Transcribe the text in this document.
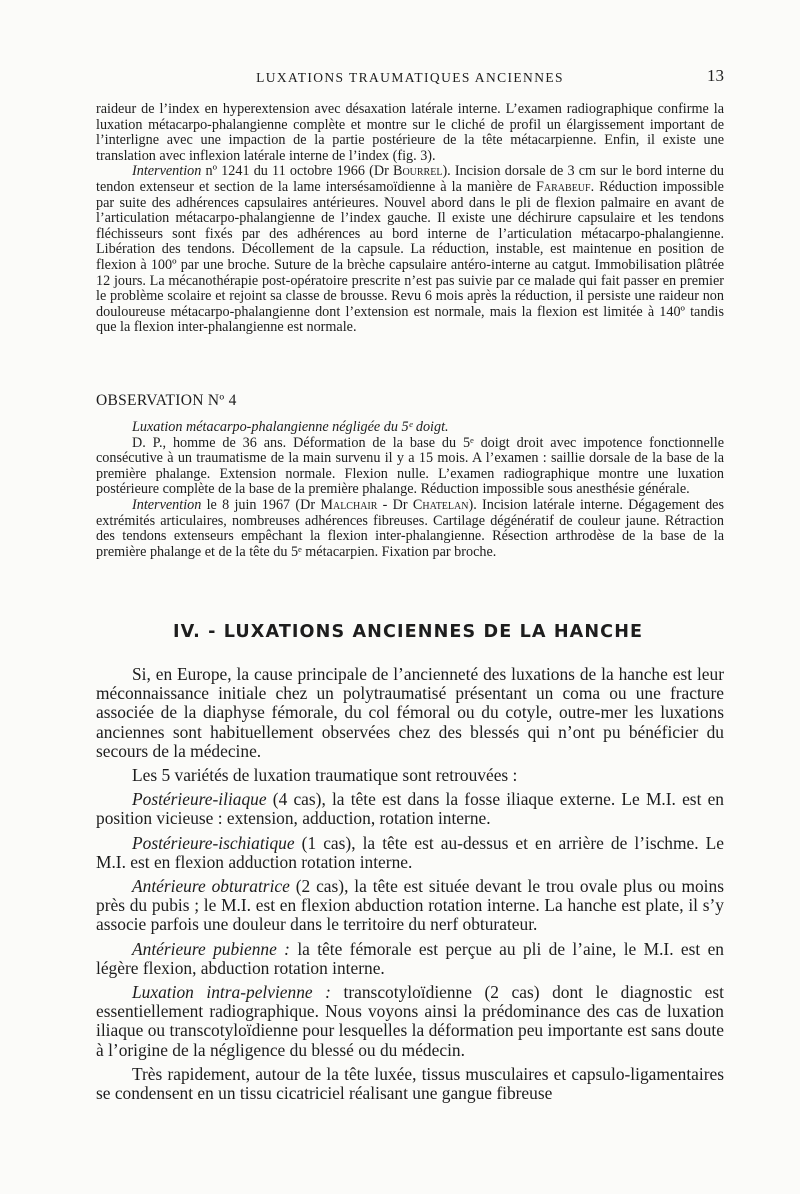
LUXATIONS TRAUMATIQUES ANCIENNES	13

raideur de l’index en hyperextension avec désaxation latérale interne. L’examen radiographique confirme la luxation métacarpo-phalangienne complète et montre sur le cliché de profil un élargissement important de l’interligne avec une impaction de la partie postérieure de la tête métacarpienne. Enfin, il existe une translation avec inflexion latérale interne de l’index (fig. 3).

Intervention nº 1241 du 11 octobre 1966 (Dr Bourrel). Incision dorsale de 3 cm sur le bord interne du tendon extenseur et section de la lame intersésamoïdienne à la manière de Farabeuf. Réduction impossible par suite des adhérences capsulaires antérieures. Nouvel abord dans le pli de flexion palmaire en avant de l’articulation métacarpo-phalangienne de l’index gauche. Il existe une déchirure capsulaire et les tendons fléchisseurs sont fixés par des adhérences au bord interne de l’articulation métacarpo-phalangienne. Libération des tendons. Décollement de la capsule. La réduction, instable, est maintenue en position de flexion à 100º par une broche. Suture de la brèche capsulaire antéro-interne au catgut. Immobilisation plâtrée 12 jours. La mécanothérapie post-opératoire prescrite n’est pas suivie par ce malade qui fait passer en premier le problème scolaire et rejoint sa classe de brousse. Revu 6 mois après la réduction, il persiste une raideur non douloureuse métacarpo-phalangienne dont l’extension est normale, mais la flexion est limitée à 140º tandis que la flexion inter-phalangienne est normale.

OBSERVATION Nº 4

Luxation métacarpo-phalangienne négligée du 5ᵉ doigt.

D. P., homme de 36 ans. Déformation de la base du 5ᵉ doigt droit avec impotence fonctionnelle consécutive à un traumatisme de la main survenu il y a 15 mois. A l’examen : saillie dorsale de la base de la première phalange. Extension normale. Flexion nulle. L’examen radiographique montre une luxation postérieure complète de la base de la première phalange. Réduction impossible sous anesthésie générale.

Intervention le 8 juin 1967 (Dr Malchair - Dr Chatelan). Incision latérale interne. Dégagement des extrémités articulaires, nombreuses adhérences fibreuses. Cartilage dégénératif de couleur jaune. Rétraction des tendons extenseurs empêchant la flexion inter-phalangienne. Résection arthrodèse de la base de la première phalange et de la tête du 5ᵉ métacarpien. Fixation par broche.

IV. - LUXATIONS ANCIENNES DE LA HANCHE

Si, en Europe, la cause principale de l’ancienneté des luxations de la hanche est leur méconnaissance initiale chez un polytraumatisé présentant un coma ou une fracture associée de la diaphyse fémorale, du col fémoral ou du cotyle, outre-mer les luxations anciennes sont habituellement observées chez des blessés qui n’ont pu bénéficier du secours de la médecine.

Les 5 variétés de luxation traumatique sont retrouvées :

Postérieure-iliaque (4 cas), la tête est dans la fosse iliaque externe. Le M.I. est en position vicieuse : extension, adduction, rotation interne.

Postérieure-ischiatique (1 cas), la tête est au-dessus et en arrière de l’ischme. Le M.I. est en flexion adduction rotation interne.

Antérieure obturatrice (2 cas), la tête est située devant le trou ovale plus ou moins près du pubis ; le M.I. est en flexion abduction rotation interne. La hanche est plate, il s’y associe parfois une douleur dans le territoire du nerf obturateur.

Antérieure pubienne : la tête fémorale est perçue au pli de l’aine, le M.I. est en légère flexion, abduction rotation interne.

Luxation intra-pelvienne : transcotyloïdienne (2 cas) dont le diagnostic est essentiellement radiographique. Nous voyons ainsi la prédominance des cas de luxation iliaque ou transcotyloïdienne pour lesquelles la déformation peu importante est sans doute à l’origine de la négligence du blessé ou du médecin.

Très rapidement, autour de la tête luxée, tissus musculaires et capsulo-ligamentaires se condensent en un tissu cicatriciel réalisant une gangue fibreuse
